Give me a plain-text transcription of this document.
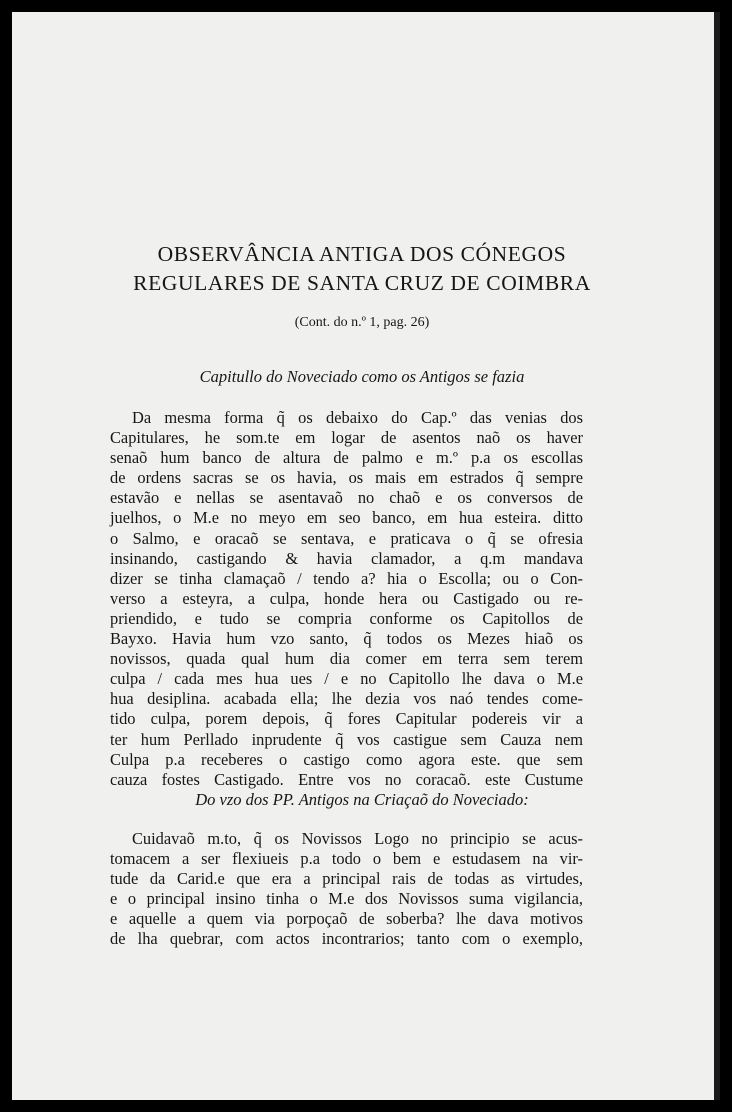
OBSERVÂNCIA ANTIGA DOS CÓNEGOS
REGULARES DE SANTA CRUZ DE COIMBRA
(Cont. do n.º 1, pag. 26)
Capitullo do Noveciado como os Antigos se fazia
Da mesma forma q̃ os debaixo do Cap.º das venias dos
Capitulares, he som.te em logar de asentos naõ os haver
senaõ hum banco de altura de palmo e m.º p.a os escollas
de ordens sacras se os havia, os mais em estrados q̃ sempre
estavão e nellas se asentavaõ no chaõ e os conversos de
juelhos, o M.e no meyo em seo banco, em hua esteira. ditto
o Salmo, e oracaõ se sentava, e praticava o q̃ se ofresia
insinando, castigando & havia clamador, a q.m mandava
dizer se tinha clamaçaõ / tendo a? hia o Escolla; ou o Con-
verso a esteyra, a culpa, honde hera ou Castigado ou re-
priendido, e tudo se compria conforme os Capitollos de
Bayxo. Havia hum vzo santo, q̃ todos os Mezes hiaõ os
novissos, quada qual hum dia comer em terra sem terem
culpa / cada mes hua ues / e no Capitollo lhe dava o M.e
hua desiplina. acabada ella; lhe dezia vos naó tendes come-
tido culpa, porem depois, q̃ fores Capitular podereis vir a
ter hum Perllado inprudente q̃ vos castigue sem Cauza nem
Culpa p.a receberes o castigo como agora este. que sem
cauza fostes Castigado. Entre vos no coracaõ. este Custume
Do vzo dos PP. Antigos na Criaçaõ do Noveciado:
Cuidavaõ m.to, q̃ os Novissos Logo no principio se acus-
tomacem a ser flexiueis p.a todo o bem e estudasem na vir-
tude da Carid.e que era a principal rais de todas as virtudes,
e o principal insino tinha o M.e dos Novissos suma vigilancia,
e aquelle a quem via porpoçaõ de soberba? lhe dava motivos
de lha quebrar, com actos incontrarios; tanto com o exemplo,
